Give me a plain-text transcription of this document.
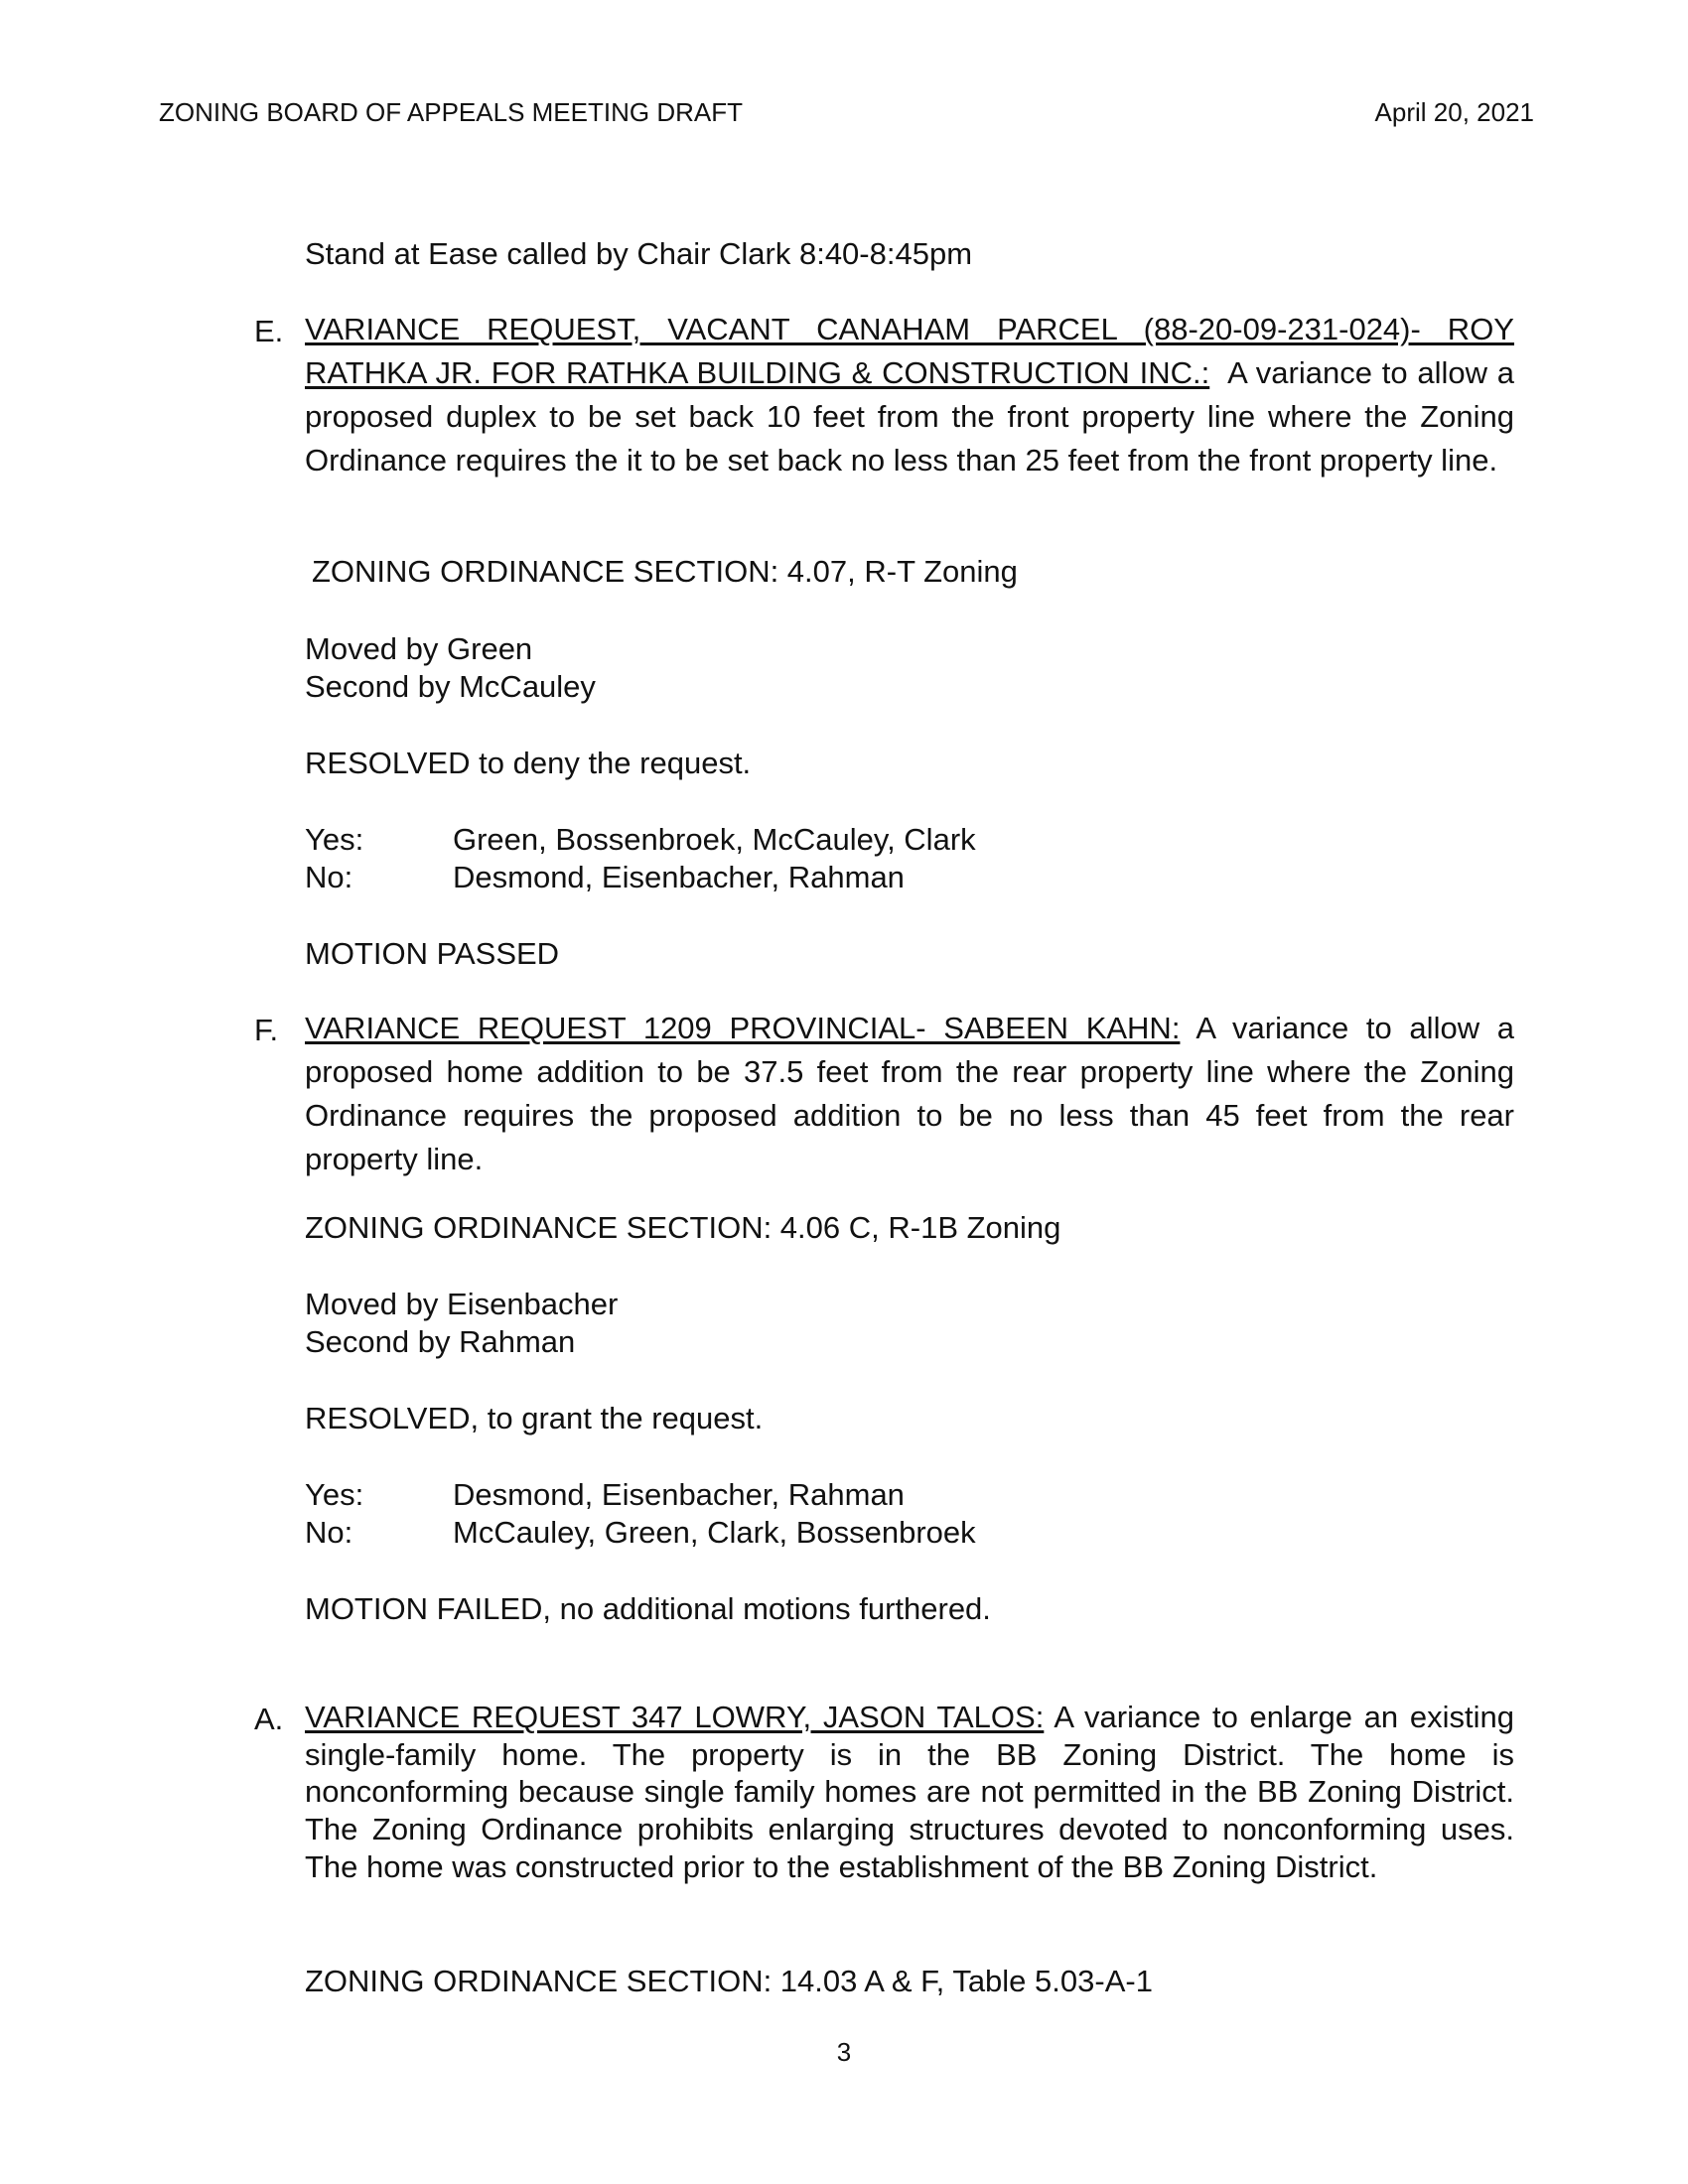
ZONING BOARD OF APPEALS MEETING DRAFT	April 20, 2021
Stand at Ease called by Chair Clark 8:40-8:45pm
E. VARIANCE REQUEST, VACANT CANAHAM PARCEL (88-20-09-231-024)- ROY RATHKA JR. FOR RATHKA BUILDING & CONSTRUCTION INC.: A variance to allow a proposed duplex to be set back 10 feet from the front property line where the Zoning Ordinance requires the it to be set back no less than 25 feet from the front property line.

ZONING ORDINANCE SECTION: 4.07, R-T Zoning
Moved by Green
Second by McCauley
RESOLVED to deny the request.
Yes:	Green, Bossenbroek, McCauley, Clark
No:	Desmond, Eisenbacher, Rahman
MOTION PASSED
F. VARIANCE REQUEST 1209 PROVINCIAL- SABEEN KAHN: A variance to allow a proposed home addition to be 37.5 feet from the rear property line where the Zoning Ordinance requires the proposed addition to be no less than 45 feet from the rear property line.

ZONING ORDINANCE SECTION: 4.06 C, R-1B Zoning
Moved by Eisenbacher
Second by Rahman
RESOLVED, to grant the request.
Yes:	Desmond, Eisenbacher, Rahman
No:	McCauley, Green, Clark, Bossenbroek
MOTION FAILED, no additional motions furthered.
A. VARIANCE REQUEST 347 LOWRY, JASON TALOS: A variance to enlarge an existing single-family home. The property is in the BB Zoning District. The home is nonconforming because single family homes are not permitted in the BB Zoning District. The Zoning Ordinance prohibits enlarging structures devoted to nonconforming uses. The home was constructed prior to the establishment of the BB Zoning District.

ZONING ORDINANCE SECTION: 14.03 A & F, Table 5.03-A-1
3
